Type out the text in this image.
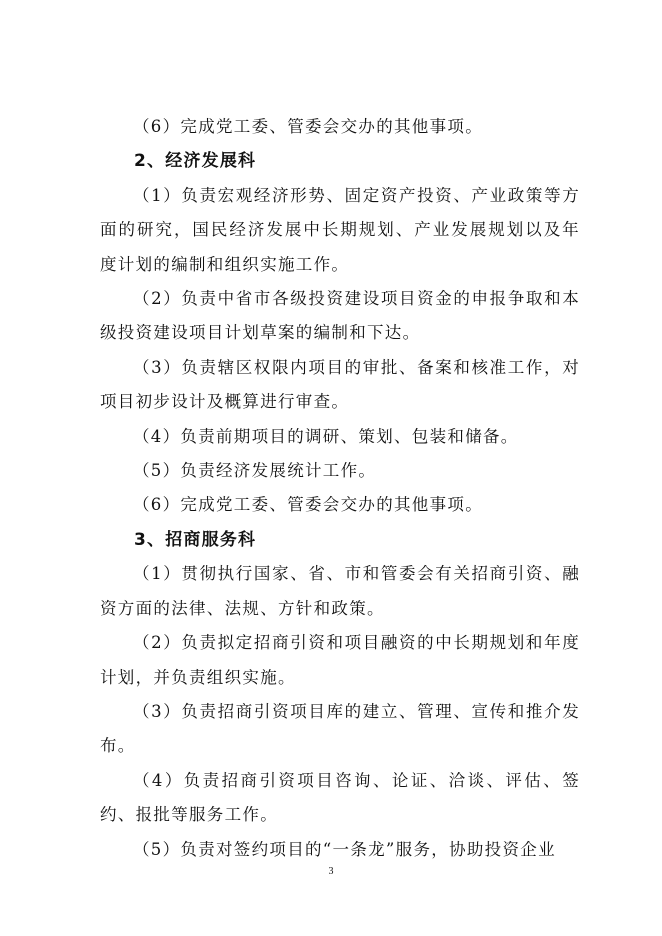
（6）完成党工委、管委会交办的其他事项。

2、经济发展科

（1）负责宏观经济形势、固定资产投资、产业政策等方面的研究，国民经济发展中长期规划、产业发展规划以及年度计划的编制和组织实施工作。

（2）负责中省市各级投资建设项目资金的申报争取和本级投资建设项目计划草案的编制和下达。

（3）负责辖区权限内项目的审批、备案和核准工作，对项目初步设计及概算进行审查。

（4）负责前期项目的调研、策划、包装和储备。

（5）负责经济发展统计工作。

（6）完成党工委、管委会交办的其他事项。

3、招商服务科

（1）贯彻执行国家、省、市和管委会有关招商引资、融资方面的法律、法规、方针和政策。

（2）负责拟定招商引资和项目融资的中长期规划和年度计划，并负责组织实施。

（3）负责招商引资项目库的建立、管理、宣传和推介发布。

（4）负责招商引资项目咨询、论证、洽谈、评估、签约、报批等服务工作。

（5）负责对签约项目的“一条龙”服务，协助投资企业

3
